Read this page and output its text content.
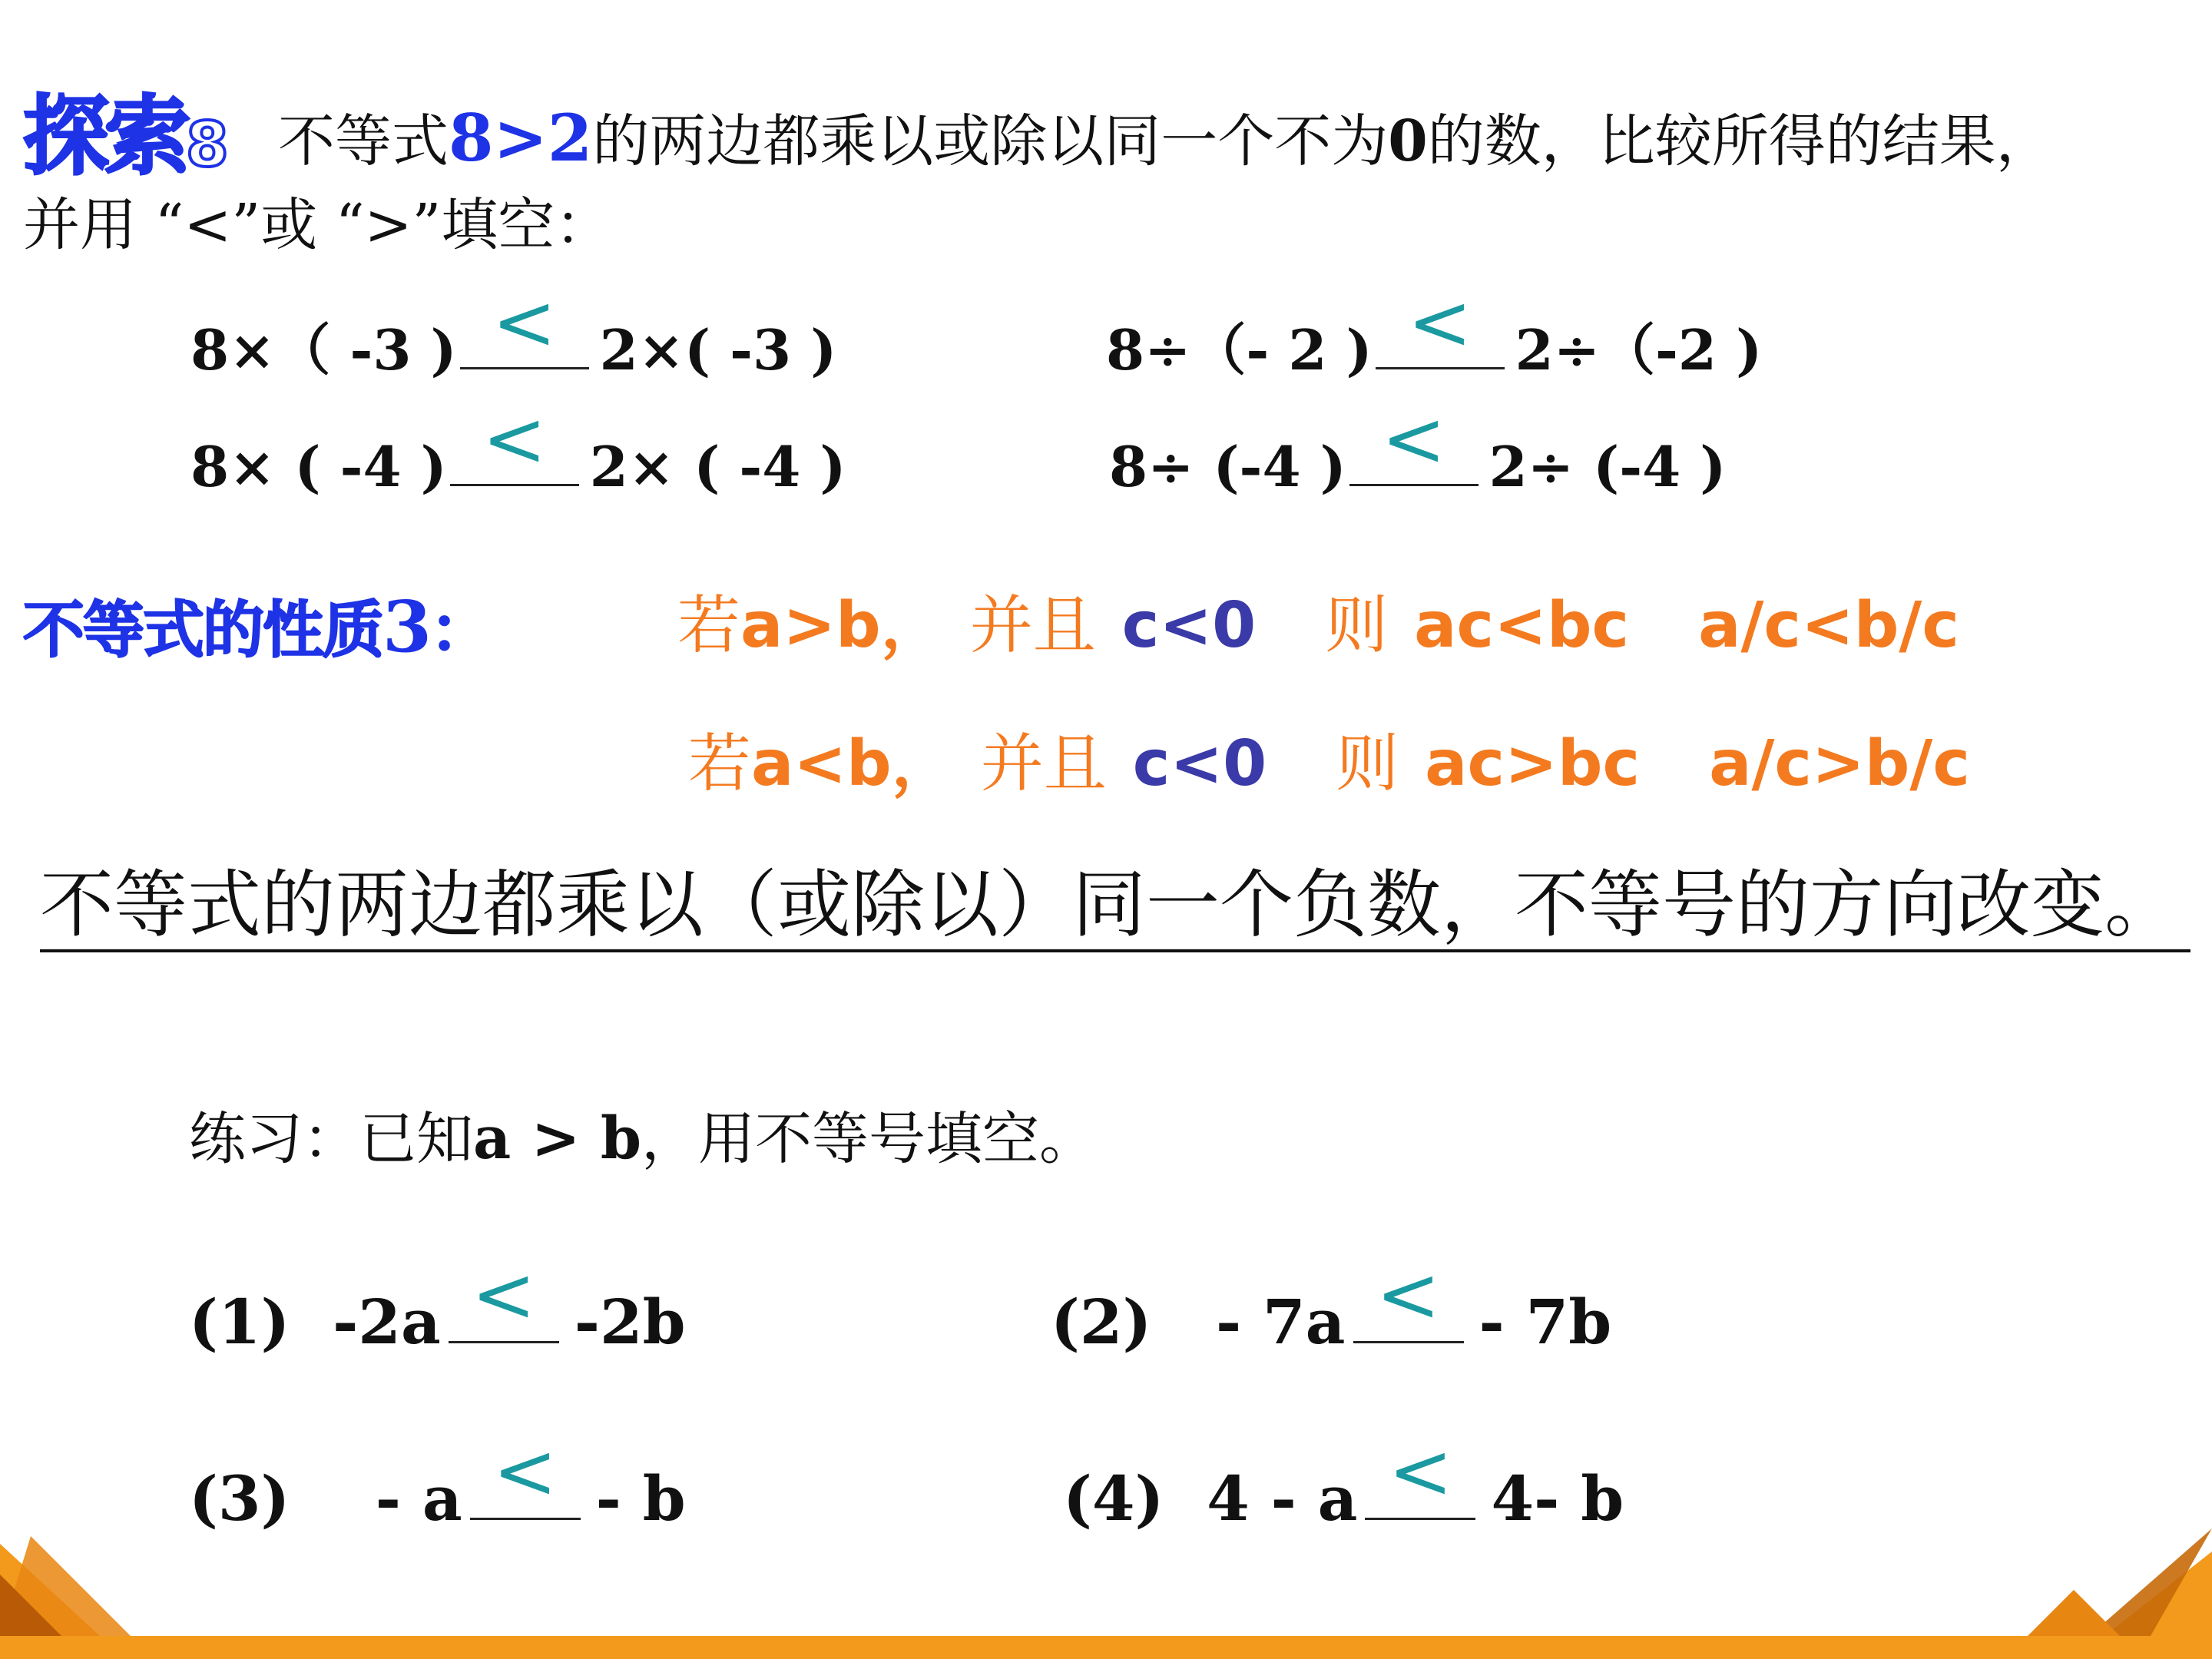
探索8 不等式8>2的两边都乘以或除以同一个不为0的数，比较所得的结果，
并用 “<”或 “>”填空：
8×（ -3 ) < 2×( -3 )	8÷（- 2 ) < 2÷（-2 )
8× ( -4 ) < 2× ( -4 )	8÷ (-4 ) < 2÷ (-4 )
不等式的性质3：	若a>b， 并且 c<0 则 ac<bc a/c<b/c
若a<b， 并且 c<0 则 ac>bc a/c>b/c
不等式的两边都乘以（或除以）同一个负数，不等号的方向改变。
练习：已知a > b，用不等号填空。
(1) -2a < -2b	(2) - 7a < - 7b
(3) - a < - b	(4) 4 - a < 4- b
